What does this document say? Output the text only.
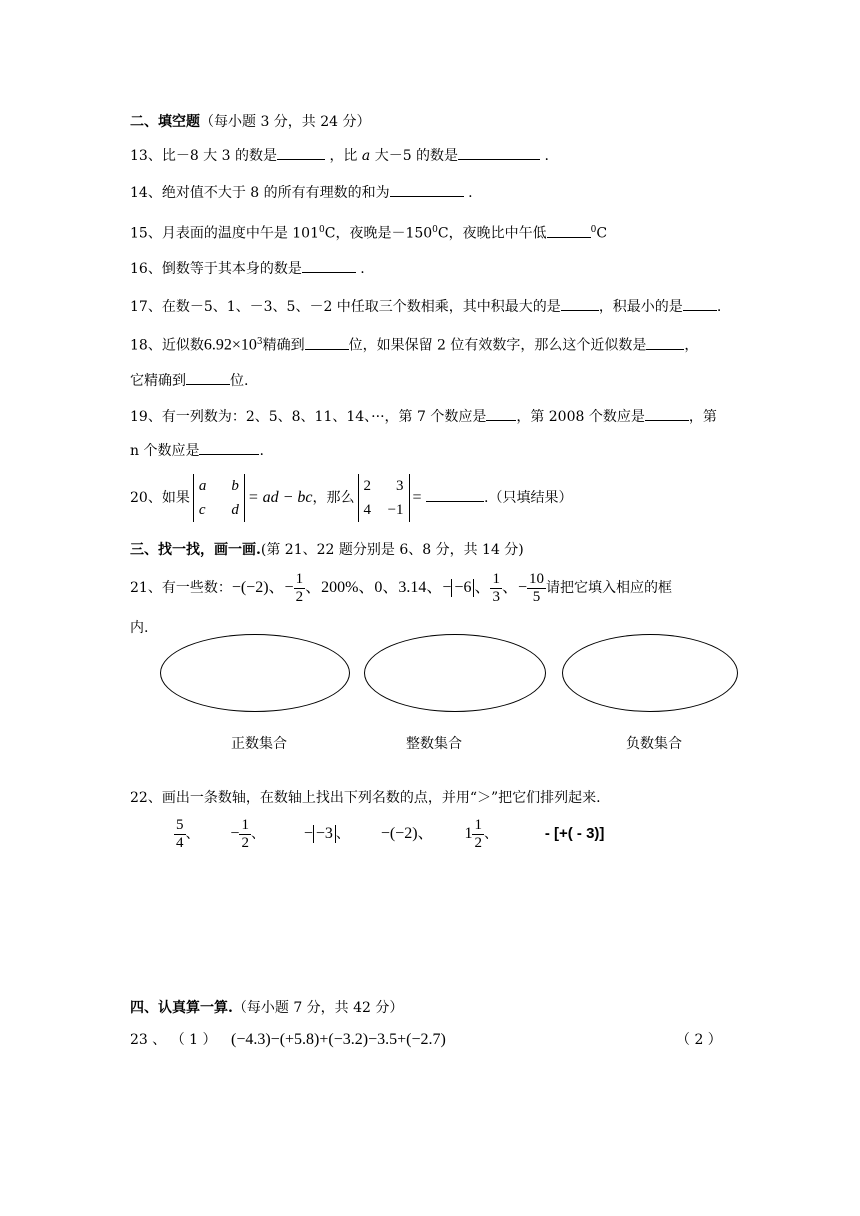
二、填空题（每小题 3 分，共 24 分）
13、比－8 大 3 的数是	，比 a 大－5 的数是	.
14、绝对值不大于 8 的所有有理数的和为	.
15、月表面的温度中午是 $101^0C$，夜晚是$-150^0C$，夜晚比中午低	$^0$C
16、倒数等于其本身的数是	.
17、在数－5、1、－3、5、－2 中任取三个数相乘，其中积最大的是	，积最小的是 .
18、近似数$6.92\times 10^3$精确到	位，如果保留 2 位有效数字，那么这个近似数是	，
它精确到	位.
19、有一列数为：2、5、8、11、14、···，第 7 个数应是 ，第 2008 个数应是	，第
n 个数应是	.
20、如果
a b
c d
= ad − bc，那么
2 3
4 −1
=	.（只填结果）
三、找一找，画一画.(第 21、22 题分别是 6、8 分，共 14 分)
21、有一些数：−(−2)、− $\frac{1}{2}$ 、200%、0、3.14、− −6 、 $\frac{1}{3}$ 、− $\frac{10}{5}$ 请把它填入相应的框
内.
正数集合	整数集合	负数集合
22、画出一条数轴，在数轴上找出下列名数的点，并用“＞”把它们排列起来.
$\frac{5}{4}$ 、 − $\frac{1}{2}$ 、 − −3 、 −(−2)、 $1 \frac{1}{2}$ 、	- [+( - 3)]
四、认真算一算.（每小题 7 分，共 42 分）
23 、 （ 1 ） (−4.3)−(+5.8)+(−3.2)−3.5+(−2.7)	（ 2 ）
